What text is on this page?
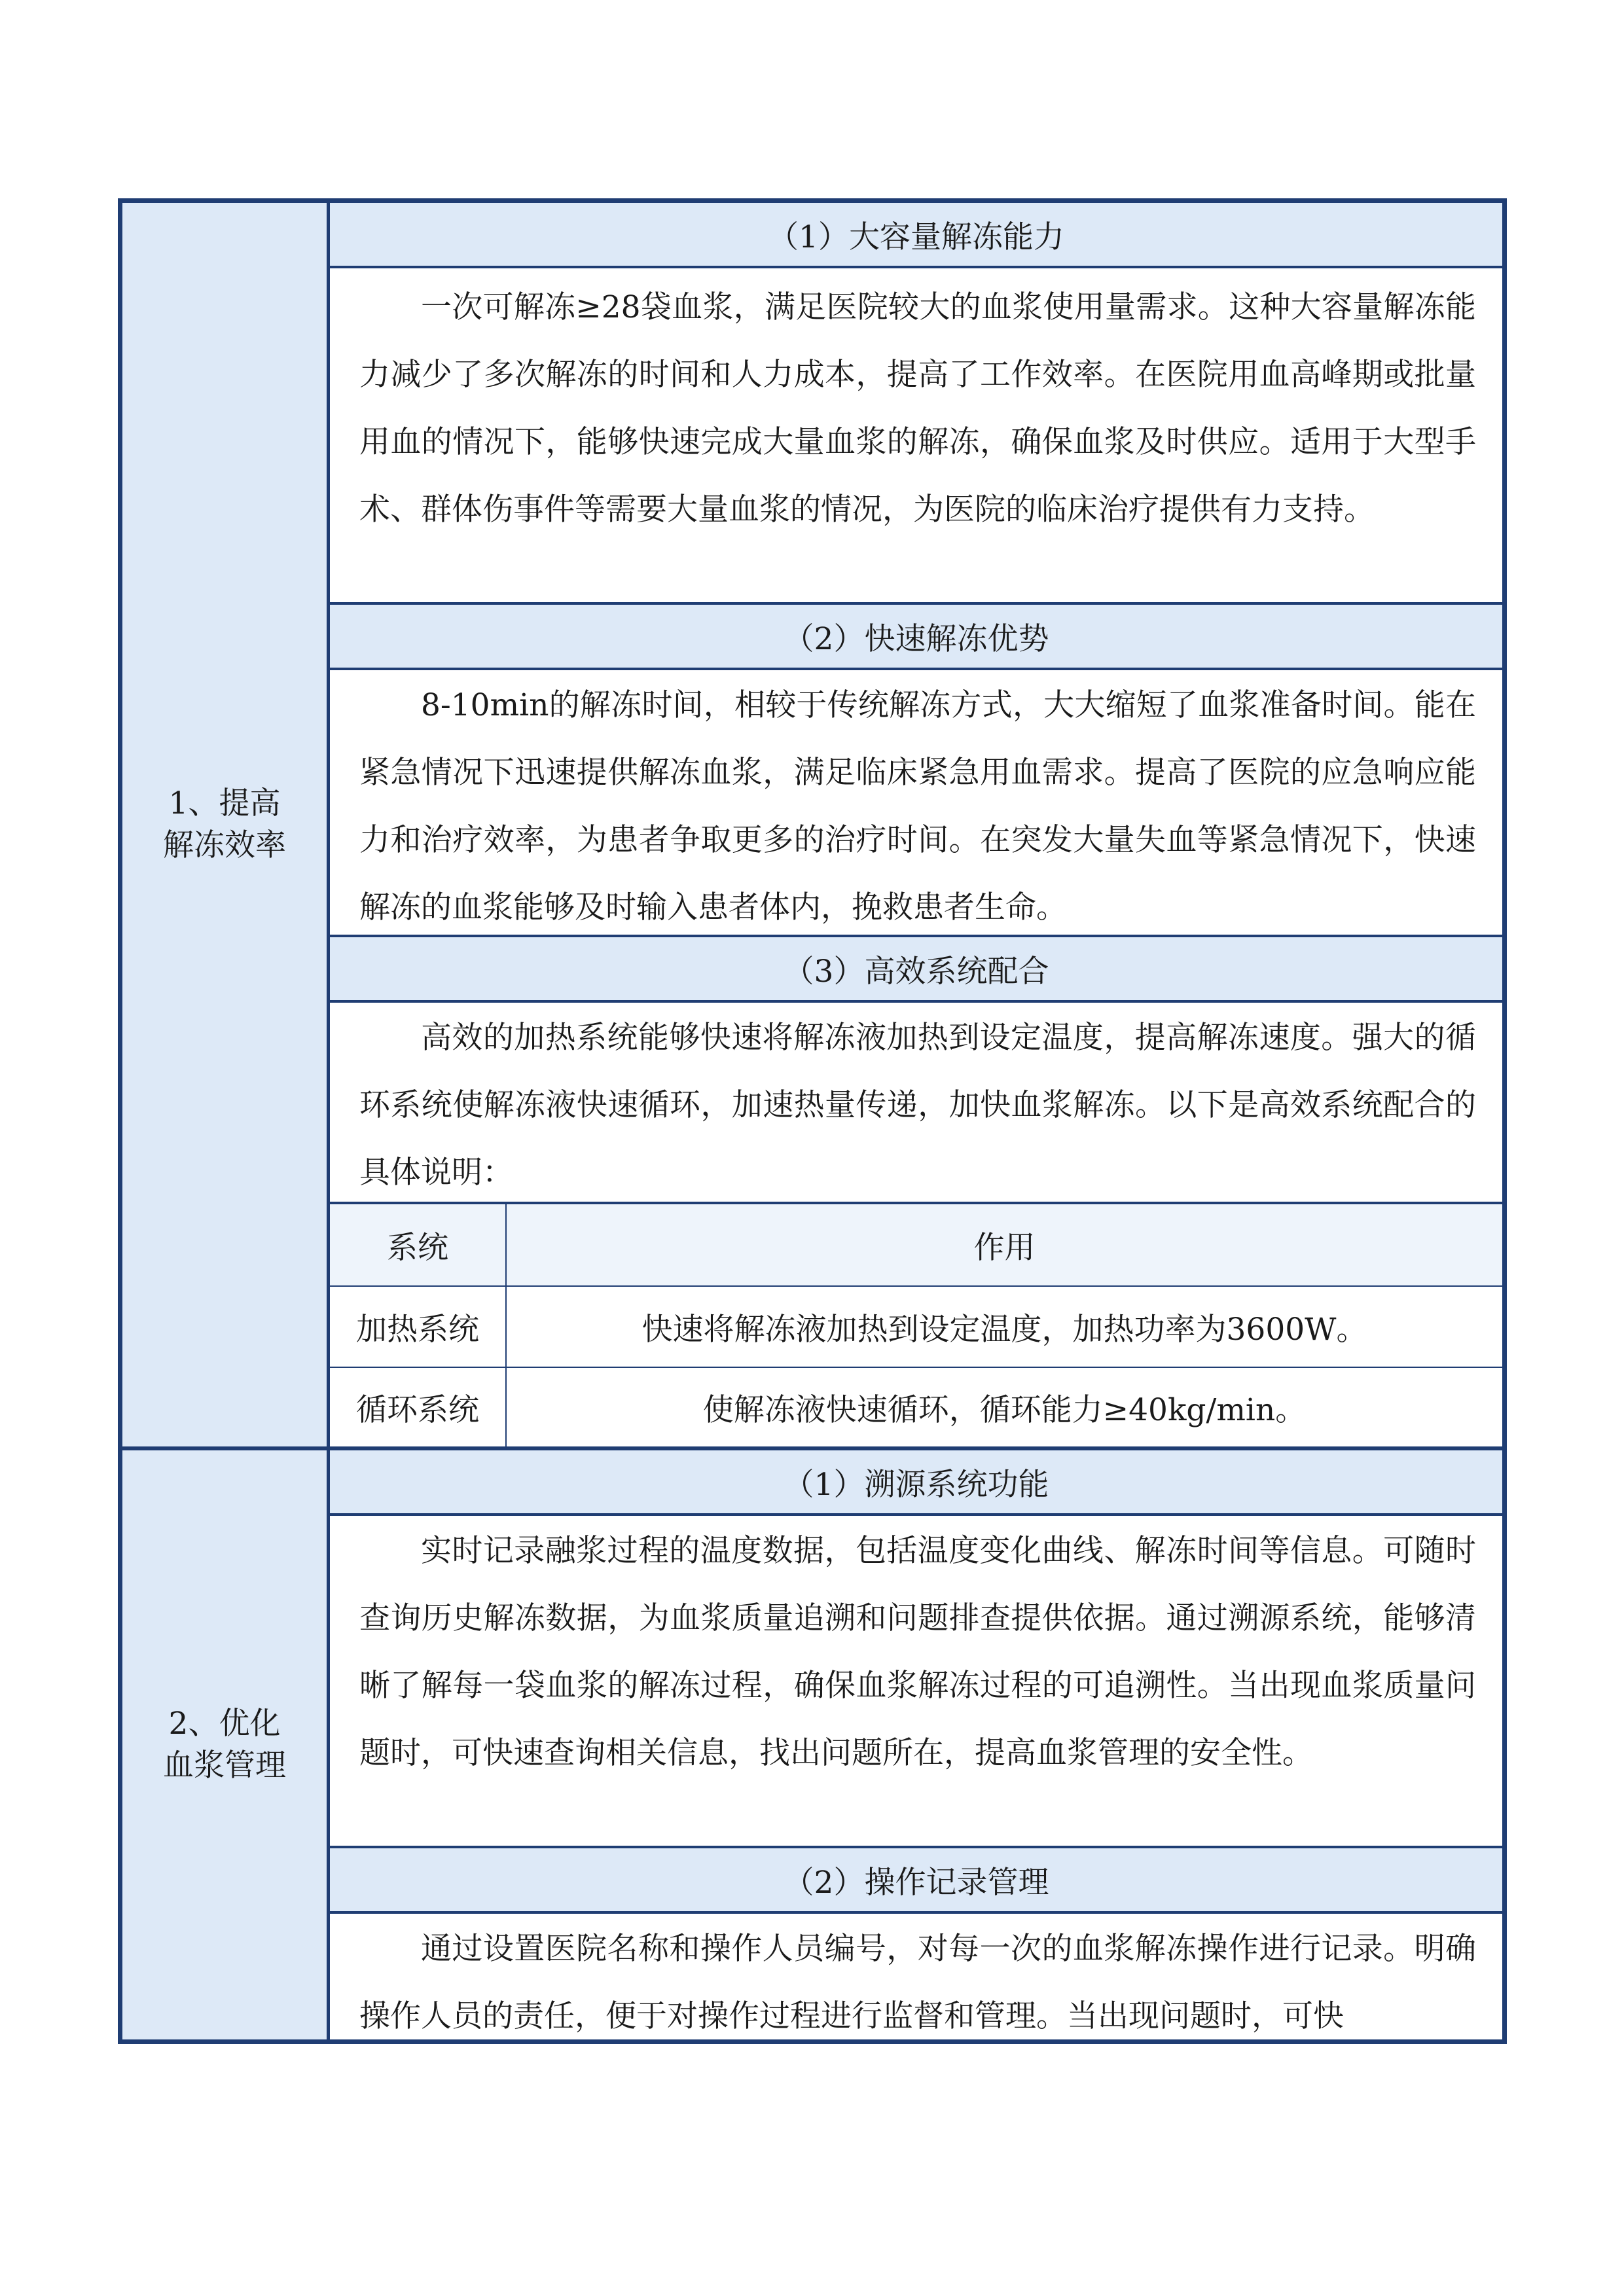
1、提高解冻效率
（1）大容量解冻能力

一次可解冻≥28袋血浆，满足医院较大的血浆使用量需求。这种大容量解冻能力减少了多次解冻的时间和人力成本，提高了工作效率。在医院用血高峰期或批量用血的情况下，能够快速完成大量血浆的解冻，确保血浆及时供应。适用于大型手术、群体伤事件等需要大量血浆的情况，为医院的临床治疗提供有力支持。

（2）快速解冻优势

8-10min的解冻时间，相较于传统解冻方式，大大缩短了血浆准备时间。能在紧急情况下迅速提供解冻血浆，满足临床紧急用血需求。提高了医院的应急响应能力和治疗效率，为患者争取更多的治疗时间。在突发大量失血等紧急情况下，快速解冻的血浆能够及时输入患者体内，挽救患者生命。

（3）高效系统配合

高效的加热系统能够快速将解冻液加热到设定温度，提高解冻速度。强大的循环系统使解冻液快速循环，加速热量传递，加快血浆解冻。以下是高效系统配合的具体说明：

系统	作用
加热系统	快速将解冻液加热到设定温度，加热功率为3600W。
循环系统	使解冻液快速循环，循环能力≥40kg/min。
2、优化血浆管理
（1）溯源系统功能

实时记录融浆过程的温度数据，包括温度变化曲线、解冻时间等信息。可随时查询历史解冻数据，为血浆质量追溯和问题排查提供依据。通过溯源系统，能够清晰了解每一袋血浆的解冻过程，确保血浆解冻过程的可追溯性。当出现血浆质量问题时，可快速查询相关信息，找出问题所在，提高血浆管理的安全性。

（2）操作记录管理

通过设置医院名称和操作人员编号，对每一次的血浆解冻操作进行记录。明确操作人员的责任，便于对操作过程进行监督和管理。当出现问题时，可快
